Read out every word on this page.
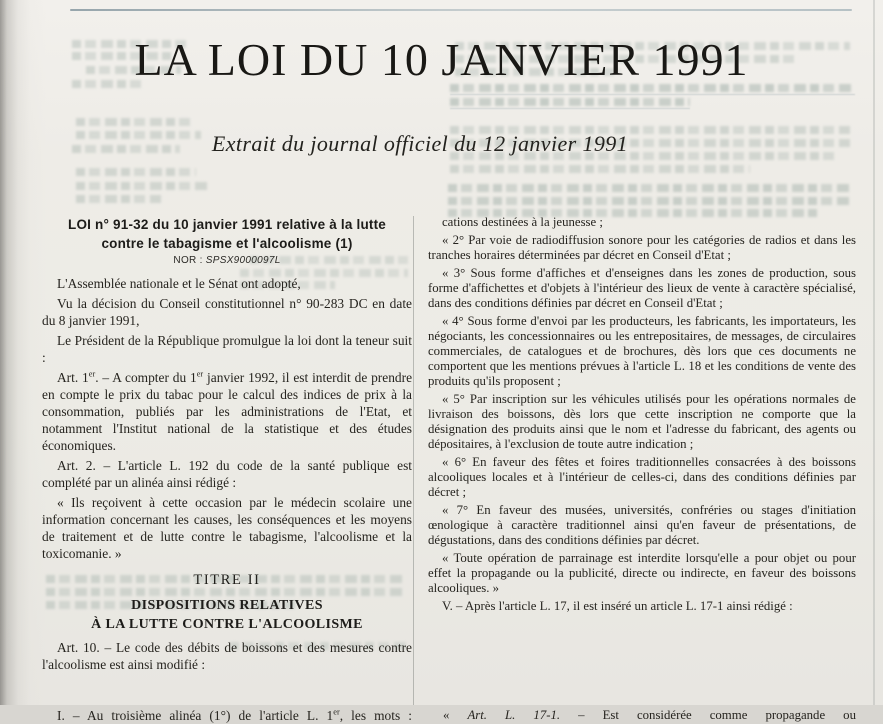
LA LOI DU 10 JANVIER 1991
Extrait du journal officiel du 12 janvier 1991
LOI n° 91-32 du 10 janvier 1991 relative à la lutte
contre le tabagisme et l'alcoolisme (1)
NOR : SPSX9000097L

L'Assemblée nationale et le Sénat ont adopté,

Vu la décision du Conseil constitutionnel n° 90-283 DC en date du 8 janvier 1991,

Le Président de la République promulgue la loi dont la teneur suit :

Art. 1er. – A compter du 1er janvier 1992, il est interdit de prendre en compte le prix du tabac pour le calcul des indices de prix à la consommation, publiés par les administrations de l'Etat, et notamment l'Institut national de la statistique et des études économiques.

Art. 2. – L'article L. 192 du code de la santé publique est complété par un alinéa ainsi rédigé :

« Ils reçoivent à cette occasion par le médecin scolaire une information concernant les causes, les conséquences et les moyens de traitement et de lutte contre le tabagisme, l'alcoolisme et la toxicomanie. »

TITRE II
DISPOSITIONS RELATIVES
À LA LUTTE CONTRE L'ALCOOLISME

Art. 10. – Le code des débits de boissons et des mesures contre l'alcoolisme est ainsi modifié :

cations destinées à la jeunesse ;

« 2° Par voie de radiodiffusion sonore pour les catégories de radios et dans les tranches horaires déterminées par décret en Conseil d'Etat ;

« 3° Sous forme d'affiches et d'enseignes dans les zones de production, sous forme d'affichettes et d'objets à l'intérieur des lieux de vente à caractère spécialisé, dans des conditions définies par décret en Conseil d'Etat ;

« 4° Sous forme d'envoi par les producteurs, les fabricants, les importateurs, les négociants, les concessionnaires ou les entrepositaires, de messages, de circulaires commerciales, de catalogues et de brochures, dès lors que ces documents ne comportent que les mentions prévues à l'article L. 18 et les conditions de vente des produits qu'ils proposent ;

« 5° Par inscription sur les véhicules utilisés pour les opérations normales de livraison des boissons, dès lors que cette inscription ne comporte que la désignation des produits ainsi que le nom et l'adresse du fabricant, des agents ou dépositaires, à l'exclusion de toute autre indication ;

« 6° En faveur des fêtes et foires traditionnelles consacrées à des boissons alcooliques locales et à l'intérieur de celles-ci, dans des conditions définies par décret ;

« 7° En faveur des musées, universités, confréries ou stages d'initiation œnologique à caractère traditionnel ainsi qu'en faveur de présentations, de dégustations, dans des conditions définies par décret.

« Toute opération de parrainage est interdite lorsqu'elle a pour objet ou pour effet la propagande ou la publicité, directe ou indirecte, en faveur des boissons alcooliques. »

V. – Après l'article L. 17, il est inséré un article L. 17-1 ainsi rédigé :

I. – Au troisième alinéa (1°) de l'article L. 1er, les mots :	« Art. L. 17-1. – Est considérée comme propagande ou
